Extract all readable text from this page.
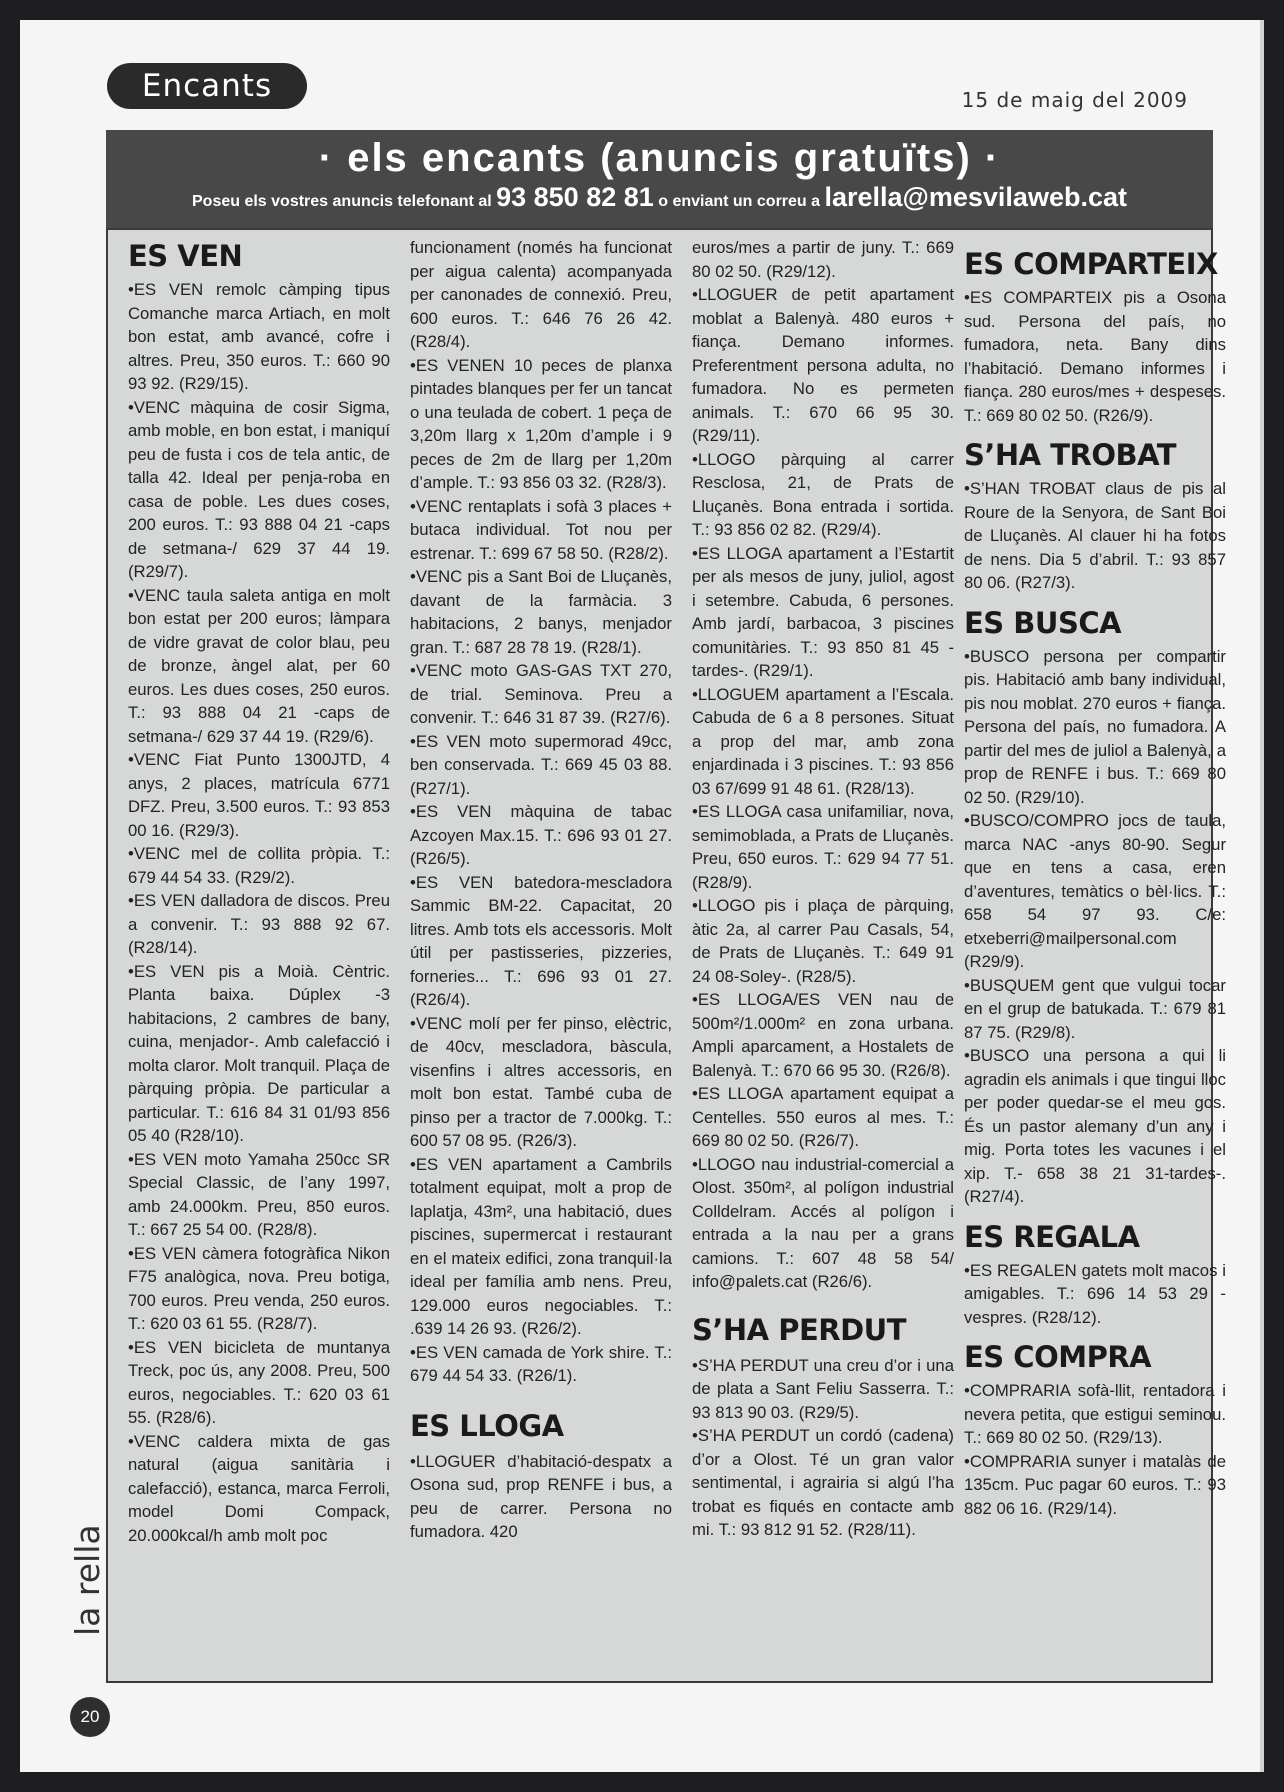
Encants	15 de maig del 2009
· els encants (anuncis gratuïts) ·
Poseu els vostres anuncis telefonant al 93 850 82 81 o enviant un correu a larella@mesvilaweb.cat
ES VEN

•ES VEN remolc càmping tipus Comanche marca Artiach, en molt bon estat, amb avancé, cofre i altres. Preu, 350 euros. T.: 660 90 93 92. (R29/15).

•VENC màquina de cosir Sigma, amb moble, en bon estat, i maniquí peu de fusta i cos de tela antic, de talla 42. Ideal per penja-roba en casa de poble. Les dues coses, 200 euros. T.: 93 888 04 21 -caps de setmana-/ 629 37 44 19. (R29/7).

•VENC taula saleta antiga en molt bon estat per 200 euros; làmpara de vidre gravat de color blau, peu de bronze, àngel alat, per 60 euros. Les dues coses, 250 euros. T.: 93 888 04 21 -caps de setmana-/ 629 37 44 19. (R29/6).

•VENC Fiat Punto 1300JTD, 4 anys, 2 places, matrícula 6771 DFZ. Preu, 3.500 euros. T.: 93 853 00 16. (R29/3).

•VENC mel de collita pròpia. T.: 679 44 54 33. (R29/2).

•ES VEN dalladora de discos. Preu a convenir. T.: 93 888 92 67. (R28/14).

•ES VEN pis a Moià. Cèntric. Planta baixa. Dúplex -3 habitacions, 2 cambres de bany, cuina, menjador-. Amb calefacció i molta claror. Molt tranquil. Plaça de pàrquing pròpia. De particular a particular. T.: 616 84 31 01/93 856 05 40 (R28/10).

•ES VEN moto Yamaha 250cc SR Special Classic, de l’any 1997, amb 24.000km. Preu, 850 euros. T.: 667 25 54 00. (R28/8).

•ES VEN càmera fotogràfica Nikon F75 analògica, nova. Preu botiga, 700 euros. Preu venda, 250 euros. T.: 620 03 61 55. (R28/7).

•ES VEN bicicleta de muntanya Treck, poc ús, any 2008. Preu, 500 euros, negociables. T.: 620 03 61 55. (R28/6).

•VENC caldera mixta de gas natural (aigua sanitària i calefacció), estanca, marca Ferroli, model Domi Compack, 20.000kcal/h amb molt poc

funcionament (només ha funcionat per aigua calenta) acompanyada per canonades de connexió. Preu, 600 euros. T.: 646 76 26 42. (R28/4).

•ES VENEN 10 peces de planxa pintades blanques per fer un tancat o una teulada de cobert. 1 peça de 3,20m llarg x 1,20m d’ample i 9 peces de 2m de llarg per 1,20m d’ample. T.: 93 856 03 32. (R28/3).

•VENC rentaplats i sofà 3 places + butaca individual. Tot nou per estrenar. T.: 699 67 58 50. (R28/2).

•VENC pis a Sant Boi de Lluçanès, davant de la farmàcia. 3 habitacions, 2 banys, menjador gran. T.: 687 28 78 19. (R28/1).

•VENC moto GAS-GAS TXT 270, de trial. Seminova. Preu a convenir. T.: 646 31 87 39. (R27/6).

•ES VEN moto supermorad 49cc, ben conservada. T.: 669 45 03 88. (R27/1).

•ES VEN màquina de tabac Azcoyen Max.15. T.: 696 93 01 27. (R26/5).

•ES VEN batedora-mescladora Sammic BM-22. Capacitat, 20 litres. Amb tots els accessoris. Molt útil per pastisseries, pizzeries, forneries... T.: 696 93 01 27. (R26/4).

•VENC molí per fer pinso, elèctric, de 40cv, mescladora, bàscula, visenfins i altres accessoris, en molt bon estat. També cuba de pinso per a tractor de 7.000kg. T.: 600 57 08 95. (R26/3).

•ES VEN apartament a Cambrils totalment equipat, molt a prop de laplatja, 43m², una habitació, dues piscines, supermercat i restaurant en el mateix edifici, zona tranquil·la ideal per família amb nens. Preu, 129.000 euros negociables. T.: .639 14 26 93. (R26/2).

•ES VEN camada de York shire. T.: 679 44 54 33. (R26/1).

ES LLOGA

•LLOGUER d’habitació-despatx a Osona sud, prop RENFE i bus, a peu de carrer. Persona no fumadora. 420

euros/mes a partir de juny. T.: 669 80 02 50. (R29/12).

•LLOGUER de petit apartament moblat a Balenyà. 480 euros + fiança. Demano informes. Preferentment persona adulta, no fumadora. No es permeten animals. T.: 670 66 95 30. (R29/11).

•LLOGO pàrquing al carrer Resclosa, 21, de Prats de Lluçanès. Bona entrada i sortida. T.: 93 856 02 82. (R29/4).

•ES LLOGA apartament a l’Estartit per als mesos de juny, juliol, agost i setembre. Cabuda, 6 persones. Amb jardí, barbacoa, 3 piscines comunitàries. T.: 93 850 81 45 -tardes-. (R29/1).

•LLOGUEM apartament a l’Escala. Cabuda de 6 a 8 persones. Situat a prop del mar, amb zona enjardinada i 3 piscines. T.: 93 856 03 67/699 91 48 61. (R28/13).

•ES LLOGA casa unifamiliar, nova, semimoblada, a Prats de Lluçanès. Preu, 650 euros. T.: 629 94 77 51. (R28/9).

•LLOGO pis i plaça de pàrquing, àtic 2a, al carrer Pau Casals, 54, de Prats de Lluçanès. T.: 649 91 24 08-Soley-. (R28/5).

•ES LLOGA/ES VEN nau de 500m²/1.000m² en zona urbana. Ampli aparcament, a Hostalets de Balenyà. T.: 670 66 95 30. (R26/8).

•ES LLOGA apartament equipat a Centelles. 550 euros al mes. T.: 669 80 02 50. (R26/7).

•LLOGO nau industrial-comercial a Olost. 350m², al polígon industrial Colldelram. Accés al polígon i entrada a la nau per a grans camions. T.: 607 48 58 54/ info@palets.cat (R26/6).

S’HA PERDUT

•S’HA PERDUT una creu d’or i una de plata a Sant Feliu Sasserra. T.: 93 813 90 03. (R29/5).

•S’HA PERDUT un cordó (cadena) d’or a Olost. Té un gran valor sentimental, i agrairia si algú l’ha trobat es fiqués en contacte amb mi. T.: 93 812 91 52. (R28/11).

ES COMPARTEIX

•ES COMPARTEIX pis a Osona sud. Persona del país, no fumadora, neta. Bany dins l’habitació. Demano informes i fiança. 280 euros/mes + despeses. T.: 669 80 02 50. (R26/9).

S’HA TROBAT

•S’HAN TROBAT claus de pis al Roure de la Senyora, de Sant Boi de Lluçanès. Al clauer hi ha fotos de nens. Dia 5 d’abril. T.: 93 857 80 06. (R27/3).

ES BUSCA

•BUSCO persona per compartir pis. Habitació amb bany individual, pis nou moblat. 270 euros + fiança. Persona del país, no fumadora. A partir del mes de juliol a Balenyà, a prop de RENFE i bus. T.: 669 80 02 50. (R29/10).

•BUSCO/COMPRO jocs de taula, marca NAC -anys 80-90. Segur que en tens a casa, eren d’aventures, temàtics o bèl·lics. T.: 658 54 97 93. C/e: etxeberri@mailpersonal.com (R29/9).

•BUSQUEM gent que vulgui tocar en el grup de batukada. T.: 679 81 87 75. (R29/8).

•BUSCO una persona a qui li agradin els animals i que tingui lloc per poder quedar-se el meu gos. És un pastor alemany d’un any i mig. Porta totes les vacunes i el xip. T.- 658 38 21 31-tardes-. (R27/4).

ES REGALA

•ES REGALEN gatets molt macos i amigables. T.: 696 14 53 29 -vespres. (R28/12).

ES COMPRA

•COMPRARIA sofà-llit, rentadora i nevera petita, que estigui seminou. T.: 669 80 02 50. (R29/13).

•COMPRARIA sunyer i matalàs de 135cm. Puc pagar 60 euros. T.: 93 882 06 16. (R29/14).

la rella
20
